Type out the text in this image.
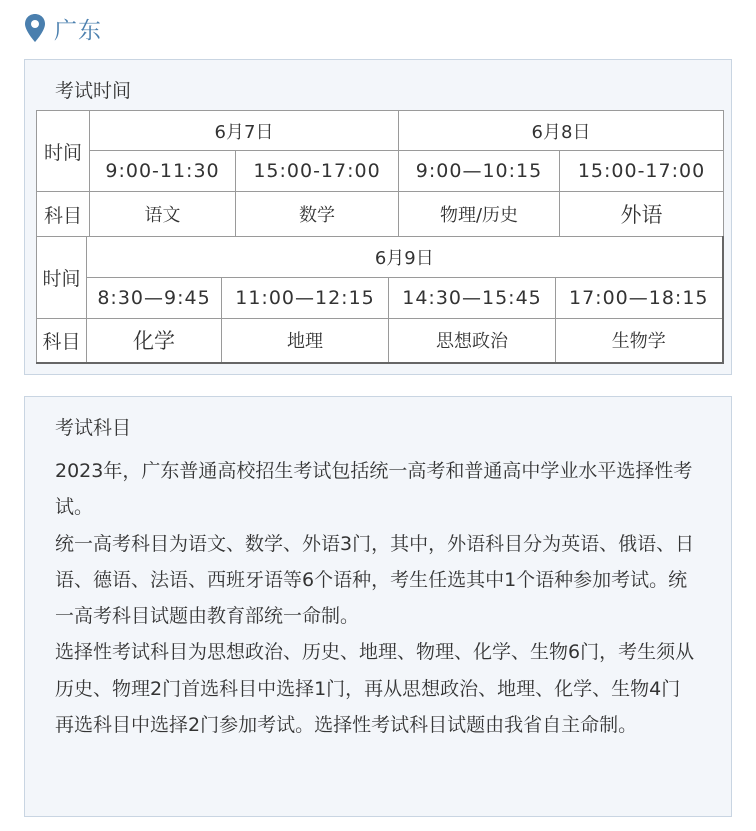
广东
考试时间
时间	6月7日		6月8日	
	9:00-11:30	15:00-17:00	9:00—10:15	15:00-17:00
科目	语文	数学	物理/历史	外语
时间	6月9日			
	8:30—9:45	11:00—12:15	14:30—15:45	17:00—18:15
科目	化学	地理	思想政治	生物学
考试科目

2023年，广东普通高校招生考试包括统一高考和普通高中学业水平选择性考试。

统一高考科目为语文、数学、外语3门，其中，外语科目分为英语、俄语、日语、德语、法语、西班牙语等6个语种，考生任选其中1个语种参加考试。统一高考科目试题由教育部统一命制。

选择性考试科目为思想政治、历史、地理、物理、化学、生物6门，考生须从历史、物理2门首选科目中选择1门，再从思想政治、地理、化学、生物4门再选科目中选择2门参加考试。选择性考试科目试题由我省自主命制。
